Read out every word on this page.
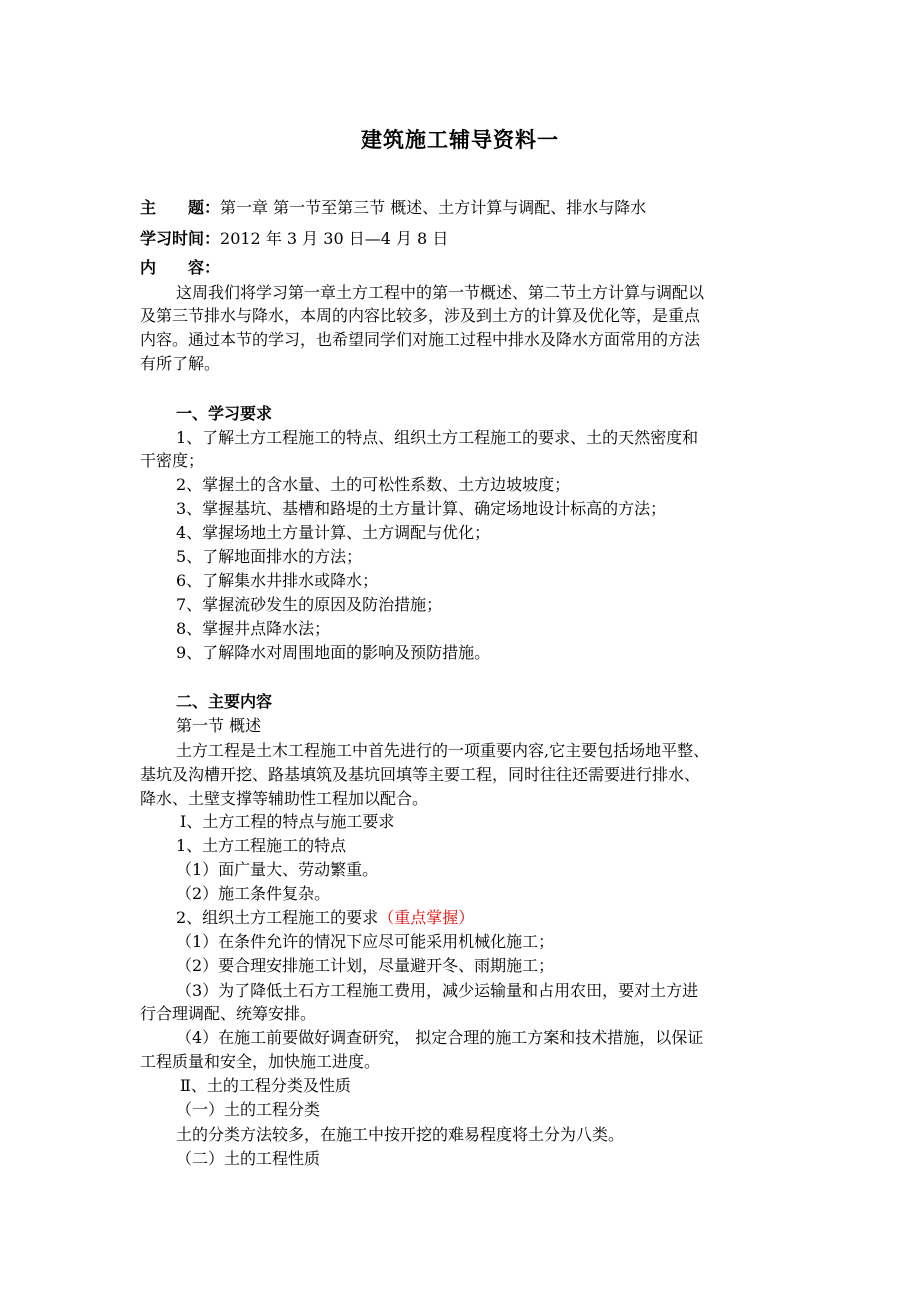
建筑施工辅导资料一
主　　题：第一章 第一节至第三节 概述、土方计算与调配、排水与降水
学习时间：2012 年 3 月 30 日—4 月 8 日
内　　容：
这周我们将学习第一章土方工程中的第一节概述、第二节土方计算与调配以
及第三节排水与降水，本周的内容比较多，涉及到土方的计算及优化等，是重点
内容。通过本节的学习，也希望同学们对施工过程中排水及降水方面常用的方法
有所了解。
一、学习要求
1、了解土方工程施工的特点、组织土方工程施工的要求、土的天然密度和
干密度；
2、掌握土的含水量、土的可松性系数、土方边坡坡度；
3、掌握基坑、基槽和路堤的土方量计算、确定场地设计标高的方法；
4、掌握场地土方量计算、土方调配与优化；
5、了解地面排水的方法；
6、了解集水井排水或降水；
7、掌握流砂发生的原因及防治措施；
8、掌握井点降水法；
9、了解降水对周围地面的影响及预防措施。
二、主要内容
第一节 概述
土方工程是土木工程施工中首先进行的一项重要内容,它主要包括场地平整、
基坑及沟槽开挖、路基填筑及基坑回填等主要工程，同时往往还需要进行排水、
降水、土壁支撑等辅助性工程加以配合。
Ⅰ、土方工程的特点与施工要求
1、土方工程施工的特点
（1）面广量大、劳动繁重。
（2）施工条件复杂。
2、组织土方工程施工的要求（重点掌握）
（1）在条件允许的情况下应尽可能采用机械化施工；
（2）要合理安排施工计划，尽量避开冬、雨期施工；
（3）为了降低土石方工程施工费用，减少运输量和占用农田，要对土方进
行合理调配、统筹安排。
（4）在施工前要做好调查研究， 拟定合理的施工方案和技术措施，以保证
工程质量和安全，加快施工进度。
Ⅱ、土的工程分类及性质
（一）土的工程分类
土的分类方法较多，在施工中按开挖的难易程度将土分为八类。
（二）土的工程性质
